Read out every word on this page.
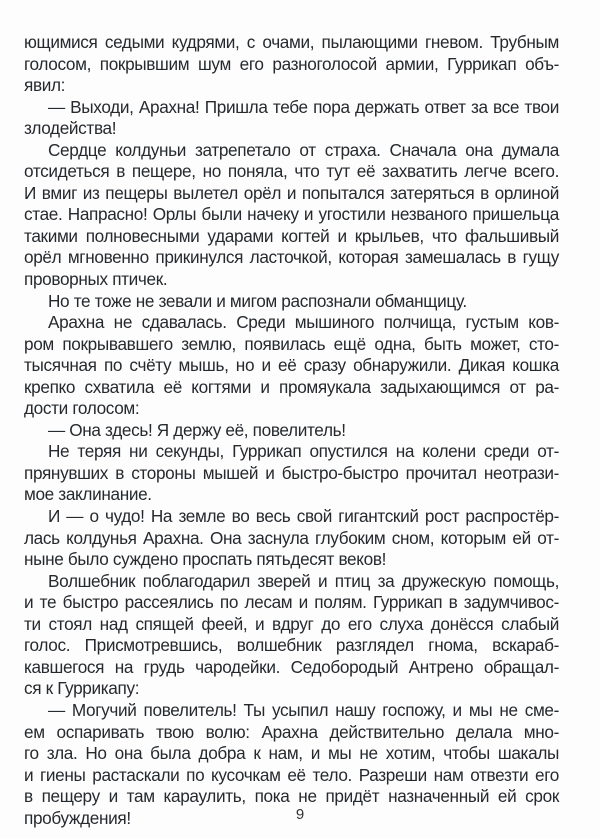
ющимися седыми кудрями, с очами, пылающими гневом. Трубным
голосом, покрывшим шум его разноголосой армии, Гуррикап объ-
явил:
— Выходи, Арахна! Пришла тебе пора держать ответ за все твои
злодейства!
Сердце колдуньи затрепетало от страха. Сначала она думала
отсидеться в пещере, но поняла, что тут её захватить легче всего.
И вмиг из пещеры вылетел орёл и попытался затеряться в орлиной
стае. Напрасно! Орлы были начеку и угостили незваного пришельца
такими полновесными ударами когтей и крыльев, что фальшивый
орёл мгновенно прикинулся ласточкой, которая замешалась в гущу
проворных птичек.
Но те тоже не зевали и мигом распознали обманщицу.
Арахна не сдавалась. Среди мышиного полчища, густым ков-
ром покрывавшего землю, появилась ещё одна, быть может, сто-
тысячная по счёту мышь, но и её сразу обнаружили. Дикая кошка
крепко схватила её когтями и промяукала задыхающимся от ра-
дости голосом:
— Она здесь! Я держу её, повелитель!
Не теряя ни секунды, Гуррикап опустился на колени среди от-
прянувших в стороны мышей и быстро-быстро прочитал неотрази-
мое заклинание.
И — о чудо! На земле во весь свой гигантский рост распростёр-
лась колдунья Арахна. Она заснула глубоким сном, которым ей от-
ныне было суждено проспать пятьдесят веков!
Волшебник поблагодарил зверей и птиц за дружескую помощь,
и те быстро рассеялись по лесам и полям. Гуррикап в задумчивос-
ти стоял над спящей феей, и вдруг до его слуха донёсся слабый
голос. Присмотревшись, волшебник разглядел гнома, вскараб-
кавшегося на грудь чародейки. Седобородый Антрено обращал-
ся к Гуррикапу:
— Могучий повелитель! Ты усыпил нашу госпожу, и мы не сме-
ем оспаривать твою волю: Арахна действительно делала мно-
го зла. Но она была добра к нам, и мы не хотим, чтобы шакалы
и гиены растаскали по кусочкам её тело. Разреши нам отвезти его
в пещеру и там караулить, пока не придёт назначенный ей срок
пробуждения!	9
